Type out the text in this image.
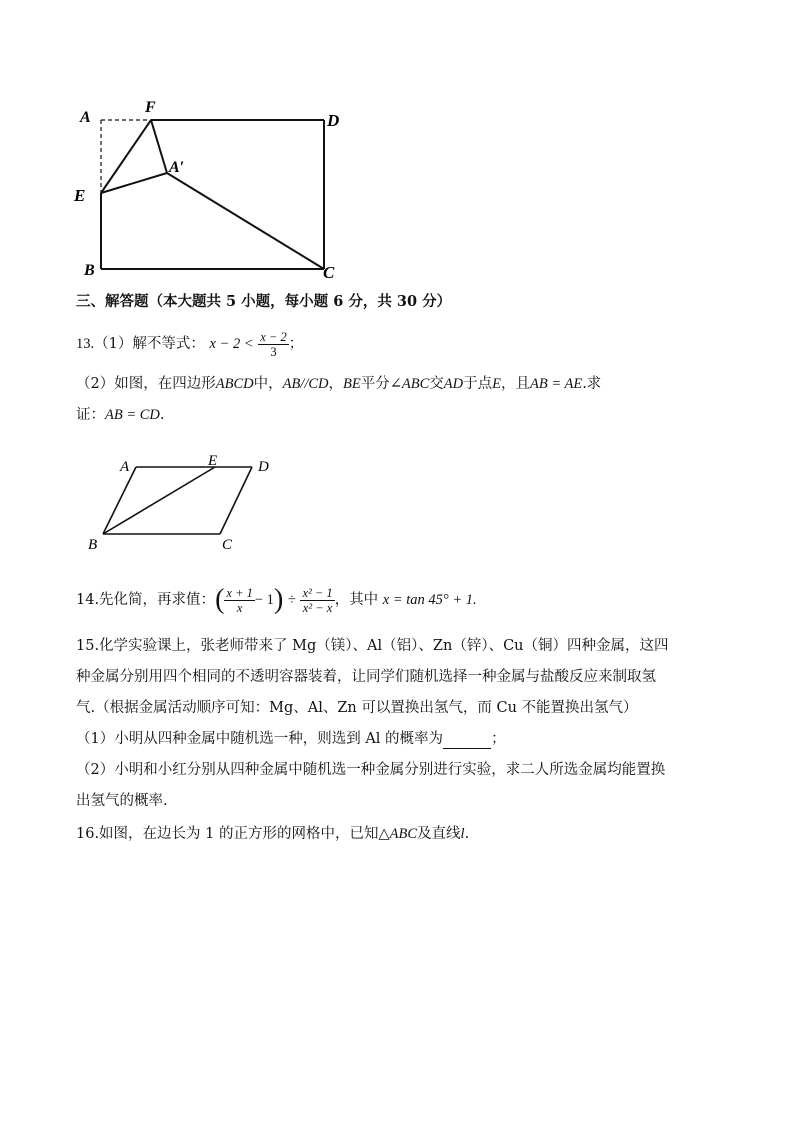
A
F
D
A′
E
B	C
三、解答题（本大题共 5 小题，每小题 6 分，共 30 分）
13.（1）解不等式： $x - 2 < \frac{x - 2}{3}$ ；
（2）如图，在四边形ABCD中，AB//CD，BE平分∠ABC交AD于点E，且AB = AE.求
证：AB = CD.
A	E	D
B	C
14.先化简，再求值：( $\frac{x + 1}{x} - 1) \div \frac{\text{x² − 1}}{\text{x² − x}}$ ，其中 x = tan 45° + 1.
15.化学实验课上，张老师带来了 Mg（镁）、Al（铝）、Zn（锌）、Cu（铜）四种金属，这四
种金属分别用四个相同的不透明容器装着，让同学们随机选择一种金属与盐酸反应来制取氢
气.（根据金属活动顺序可知：Mg、Al、Zn 可以置换出氢气，而 Cu 不能置换出氢气）
（1）小明从四种金属中随机选一种，则选到 Al 的概率为	；
（2）小明和小红分别从四种金属中随机选一种金属分别进行实验，求二人所选金属均能置换
出氢气的概率.
16.如图，在边长为 1 的正方形的网格中，已知△ABC及直线l.
